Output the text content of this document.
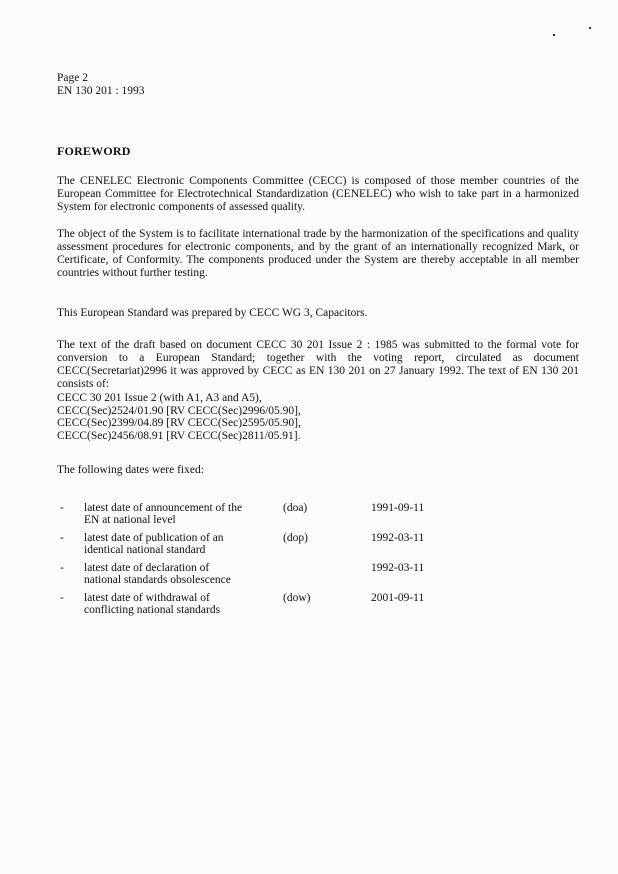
Page 2
EN 130 201 : 1993
FOREWORD
The CENELEC Electronic Components Committee (CECC) is composed of those member countries of the European Committee for Electrotechnical Standardization (CENELEC) who wish to take part in a harmonized System for electronic components of assessed quality.
The object of the System is to facilitate international trade by the harmonization of the specifications and quality assessment procedures for electronic components, and by the grant of an internationally recognized Mark, or Certificate, of Conformity. The components produced under the System are thereby acceptable in all member countries without further testing.
This European Standard was prepared by CECC WG 3, Capacitors.
The text of the draft based on document CECC 30 201 Issue 2 : 1985 was submitted to the formal vote for conversion to a European Standard; together with the voting report, circulated as document CECC(Secretariat)2996 it was approved by CECC as EN 130 201 on 27 January 1992. The text of EN 130 201 consists of:
CECC 30 201 Issue 2 (with A1, A3 and A5),
CECC(Sec)2524/01.90 [RV CECC(Sec)2996/05.90],
CECC(Sec)2399/04.89 [RV CECC(Sec)2595/05.90],
CECC(Sec)2456/08.91 [RV CECC(Sec)2811/05.91].
The following dates were fixed:
- latest date of announcement of the
EN at national level
(doa)	1991-09-11
- latest date of publication of an
identical national standard
(dop)	1992-03-11
- latest date of declaration of
national standards obsolescence
1992-03-11
- latest date of withdrawal of
conflicting national standards
(dow)	2001-09-11
